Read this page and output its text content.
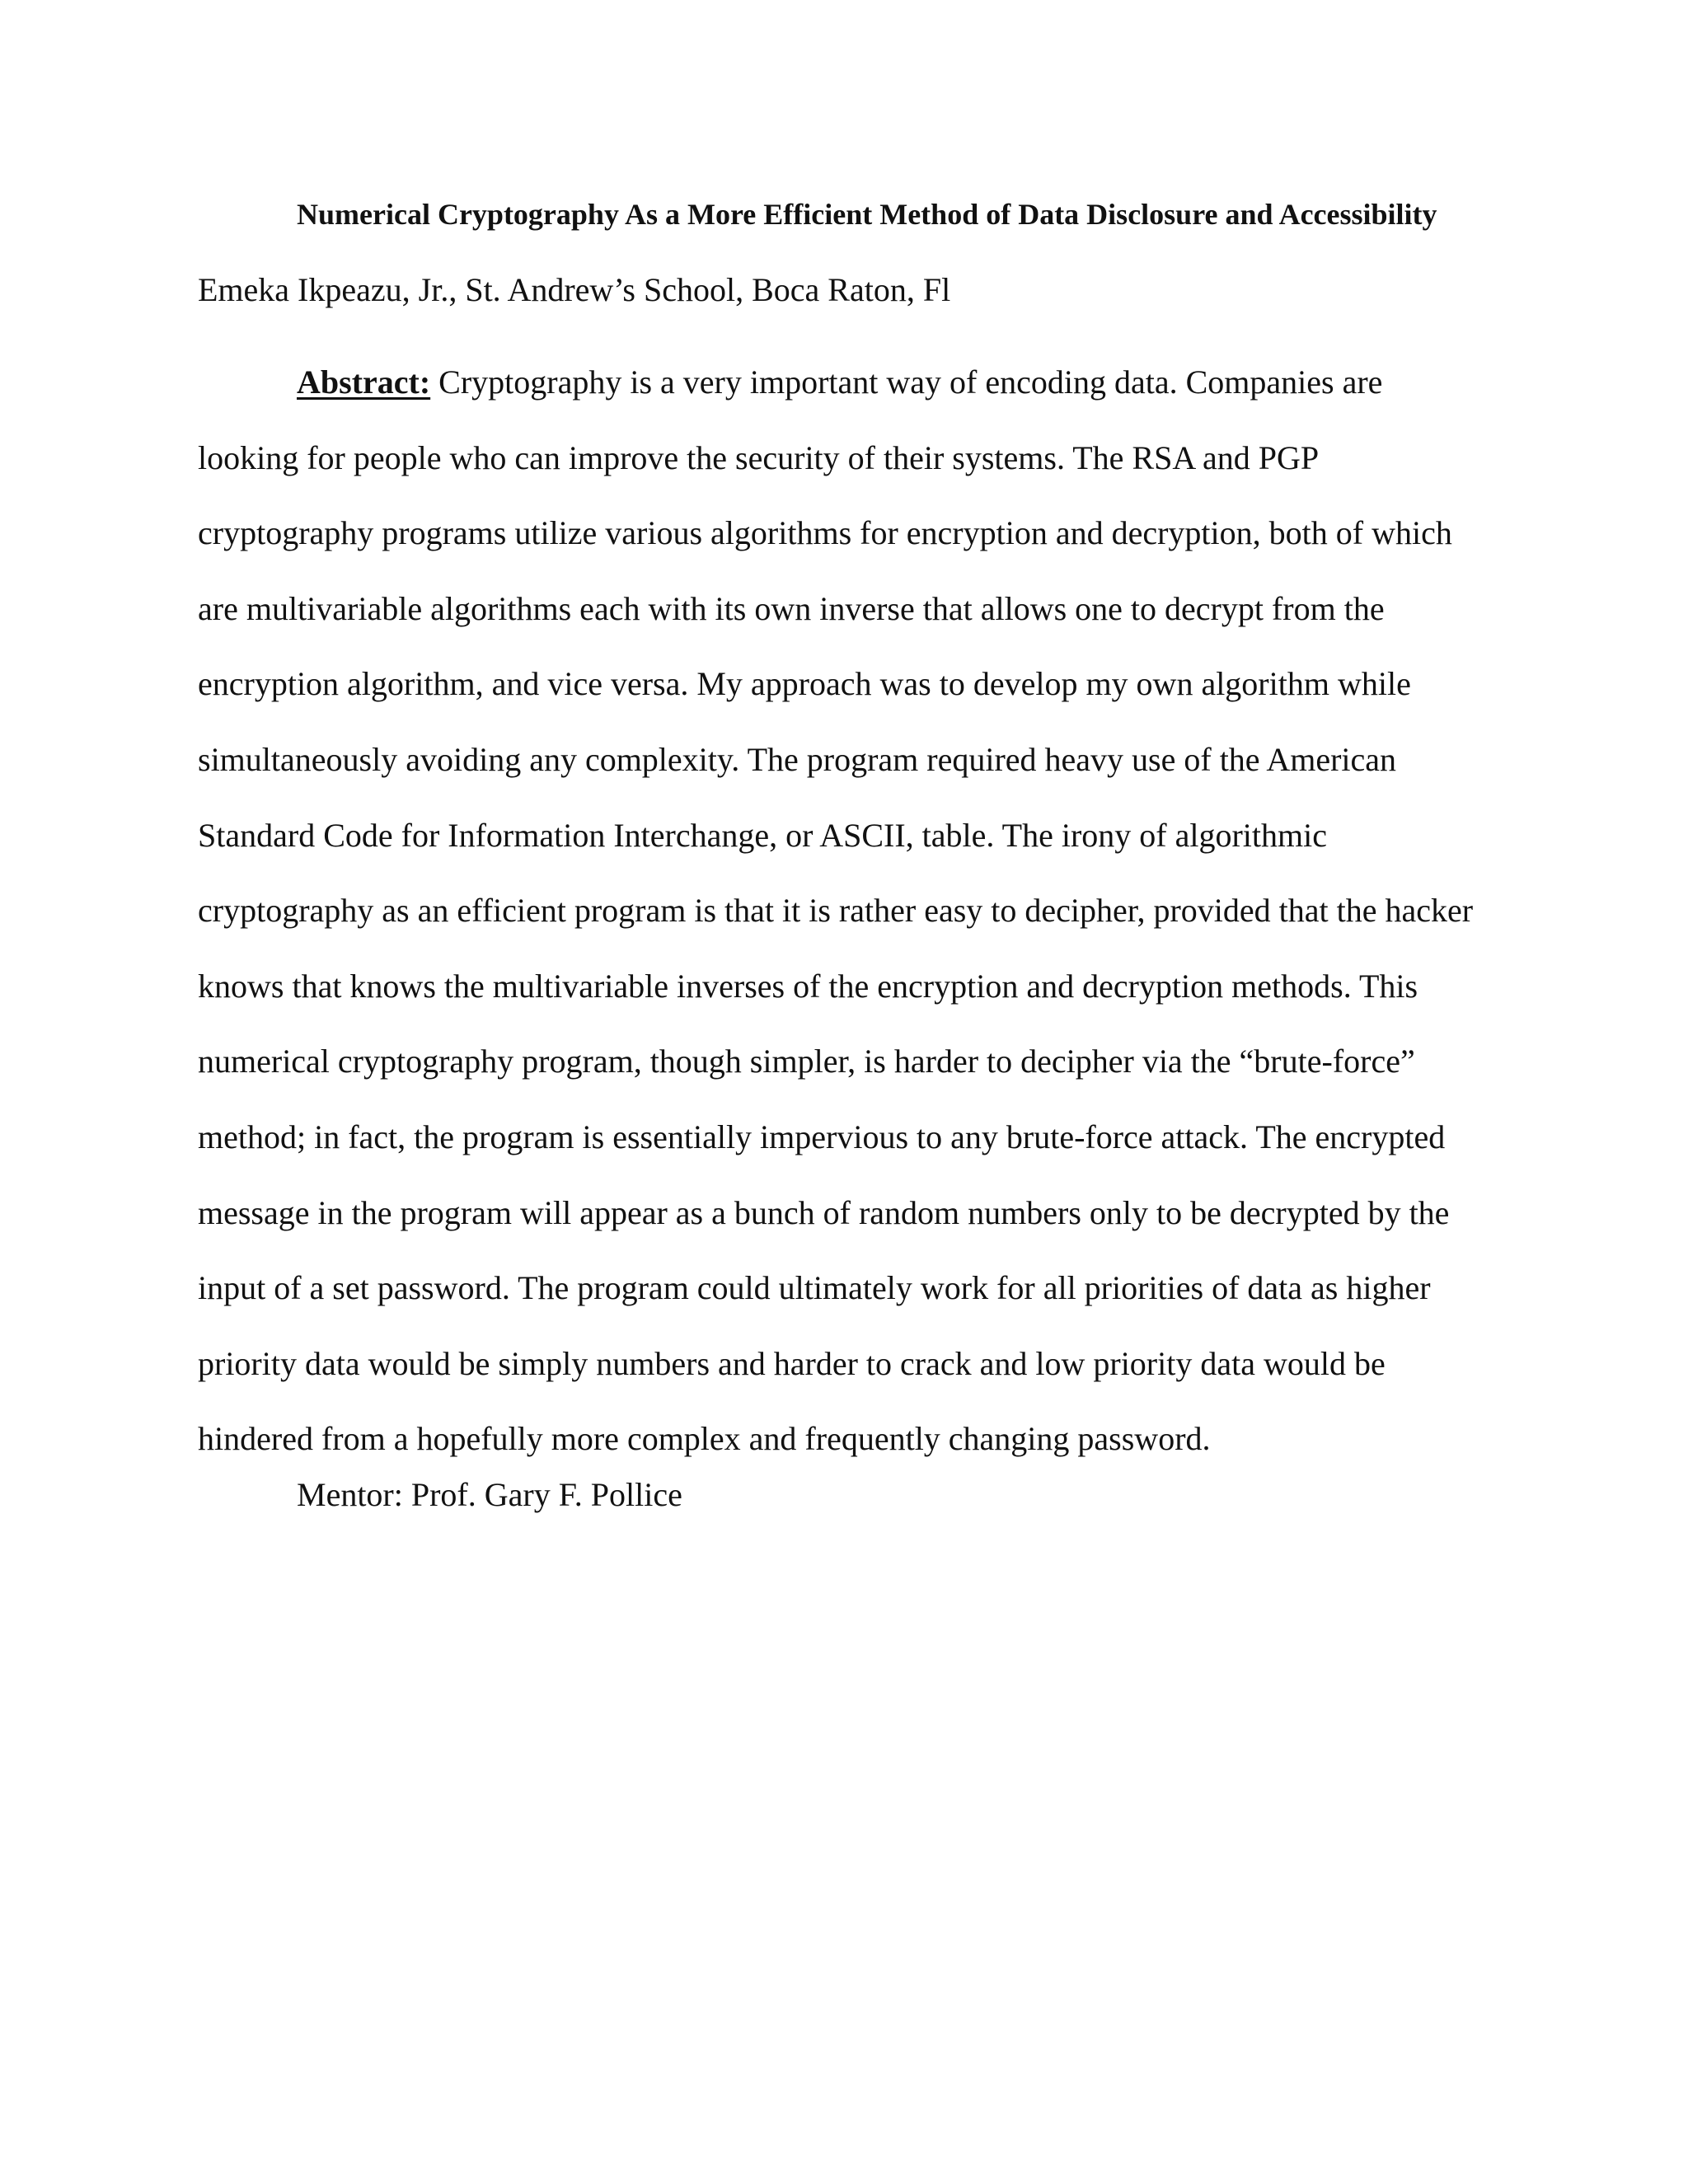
Numerical Cryptography As a More Efficient Method of Data Disclosure and Accessibility
Emeka Ikpeazu, Jr., St. Andrew’s School, Boca Raton, Fl
Abstract: Cryptography is a very important way of encoding data. Companies are
looking for people who can improve the security of their systems. The RSA and PGP
cryptography programs utilize various algorithms for encryption and decryption, both of which
are multivariable algorithms each with its own inverse that allows one to decrypt from the
encryption algorithm, and vice versa. My approach was to develop my own algorithm while
simultaneously avoiding any complexity. The program required heavy use of the American
Standard Code for Information Interchange, or ASCII, table. The irony of algorithmic
cryptography as an efficient program is that it is rather easy to decipher, provided that the hacker
knows that knows the multivariable inverses of the encryption and decryption methods. This
numerical cryptography program, though simpler, is harder to decipher via the “brute-force”
method; in fact, the program is essentially impervious to any brute-force attack. The encrypted
message in the program will appear as a bunch of random numbers only to be decrypted by the
input of a set password. The program could ultimately work for all priorities of data as higher
priority data would be simply numbers and harder to crack and low priority data would be
hindered from a hopefully more complex and frequently changing password.
Mentor: Prof. Gary F. Pollice
